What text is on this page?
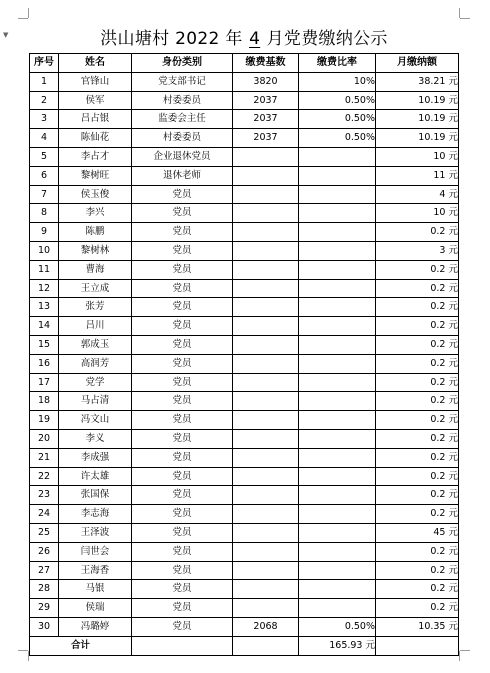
▼	洪山塘村 2022 年 4 月党费缴纳公示
序号	姓名	身份类别	缴费基数	缴费比率	月缴纳额
1	官锋山	党支部书记	3820	10%	38.21 元
2	侯军	村委委员	2037	0.50%	10.19 元
3	吕占银	监委会主任	2037	0.50%	10.19 元
4	陈仙花	村委委员	2037	0.50%	10.19 元
5	李占才	企业退休党员			10 元
6	黎树旺	退休老师			11 元
7	侯玉俊	党员			4 元
8	李兴	党员			10 元
9	陈鹏	党员			0.2 元
10	黎树林	党员			3 元
11	曹海	党员			0.2 元
12	王立成	党员			0.2 元
13	张芳	党员			0.2 元
14	吕川	党员			0.2 元
15	郭成玉	党员			0.2 元
16	高润芳	党员			0.2 元
17	党学	党员			0.2 元
18	马占清	党员			0.2 元
19	冯文山	党员			0.2 元
20	李义	党员			0.2 元
21	李成强	党员			0.2 元
22	许太雄	党员			0.2 元
23	张国保	党员			0.2 元
24	李志海	党员			0.2 元
25	王泽波	党员			45 元
26	闫世会	党员			0.2 元
27	王海香	党员			0.2 元
28	马银	党员			0.2 元
29	侯瑞	党员			0.2 元
30	冯璐婷	党员	2068	0.50%	10.35 元
合计				165.93 元	
